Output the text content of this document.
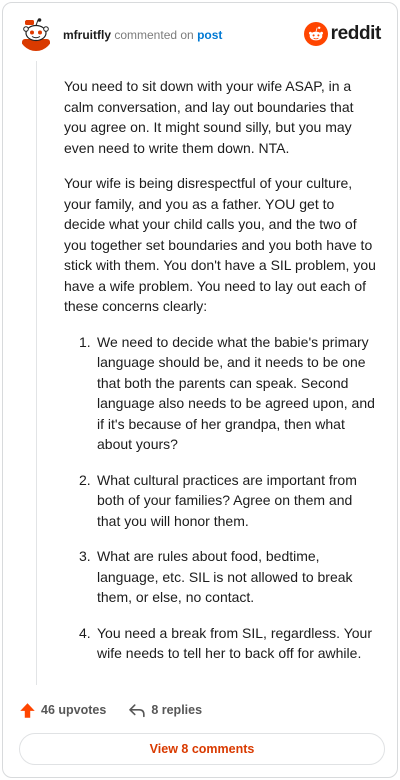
mfruitfly commented on post	reddit

You need to sit down with your wife ASAP, in a calm conversation, and lay out boundaries that you agree on. It might sound silly, but you may even need to write them down. NTA.

Your wife is being disrespectful of your culture, your family, and you as a father. YOU get to decide what your child calls you, and the two of you together set boundaries and you both have to stick with them. You don't have a SIL problem, you have a wife problem. You need to lay out each of these concerns clearly:

1. We need to decide what the babie's primary language should be, and it needs to be one that both the parents can speak. Second language also needs to be agreed upon, and if it's because of her grandpa, then what about yours?
2. What cultural practices are important from both of your families? Agree on them and that you will honor them.
3. What are rules about food, bedtime, language, etc. SIL is not allowed to break them, or else, no contact.
4. You need a break from SIL, regardless. Your wife needs to tell her to back off for awhile.
46 upvotes	8 replies
View 8 comments
